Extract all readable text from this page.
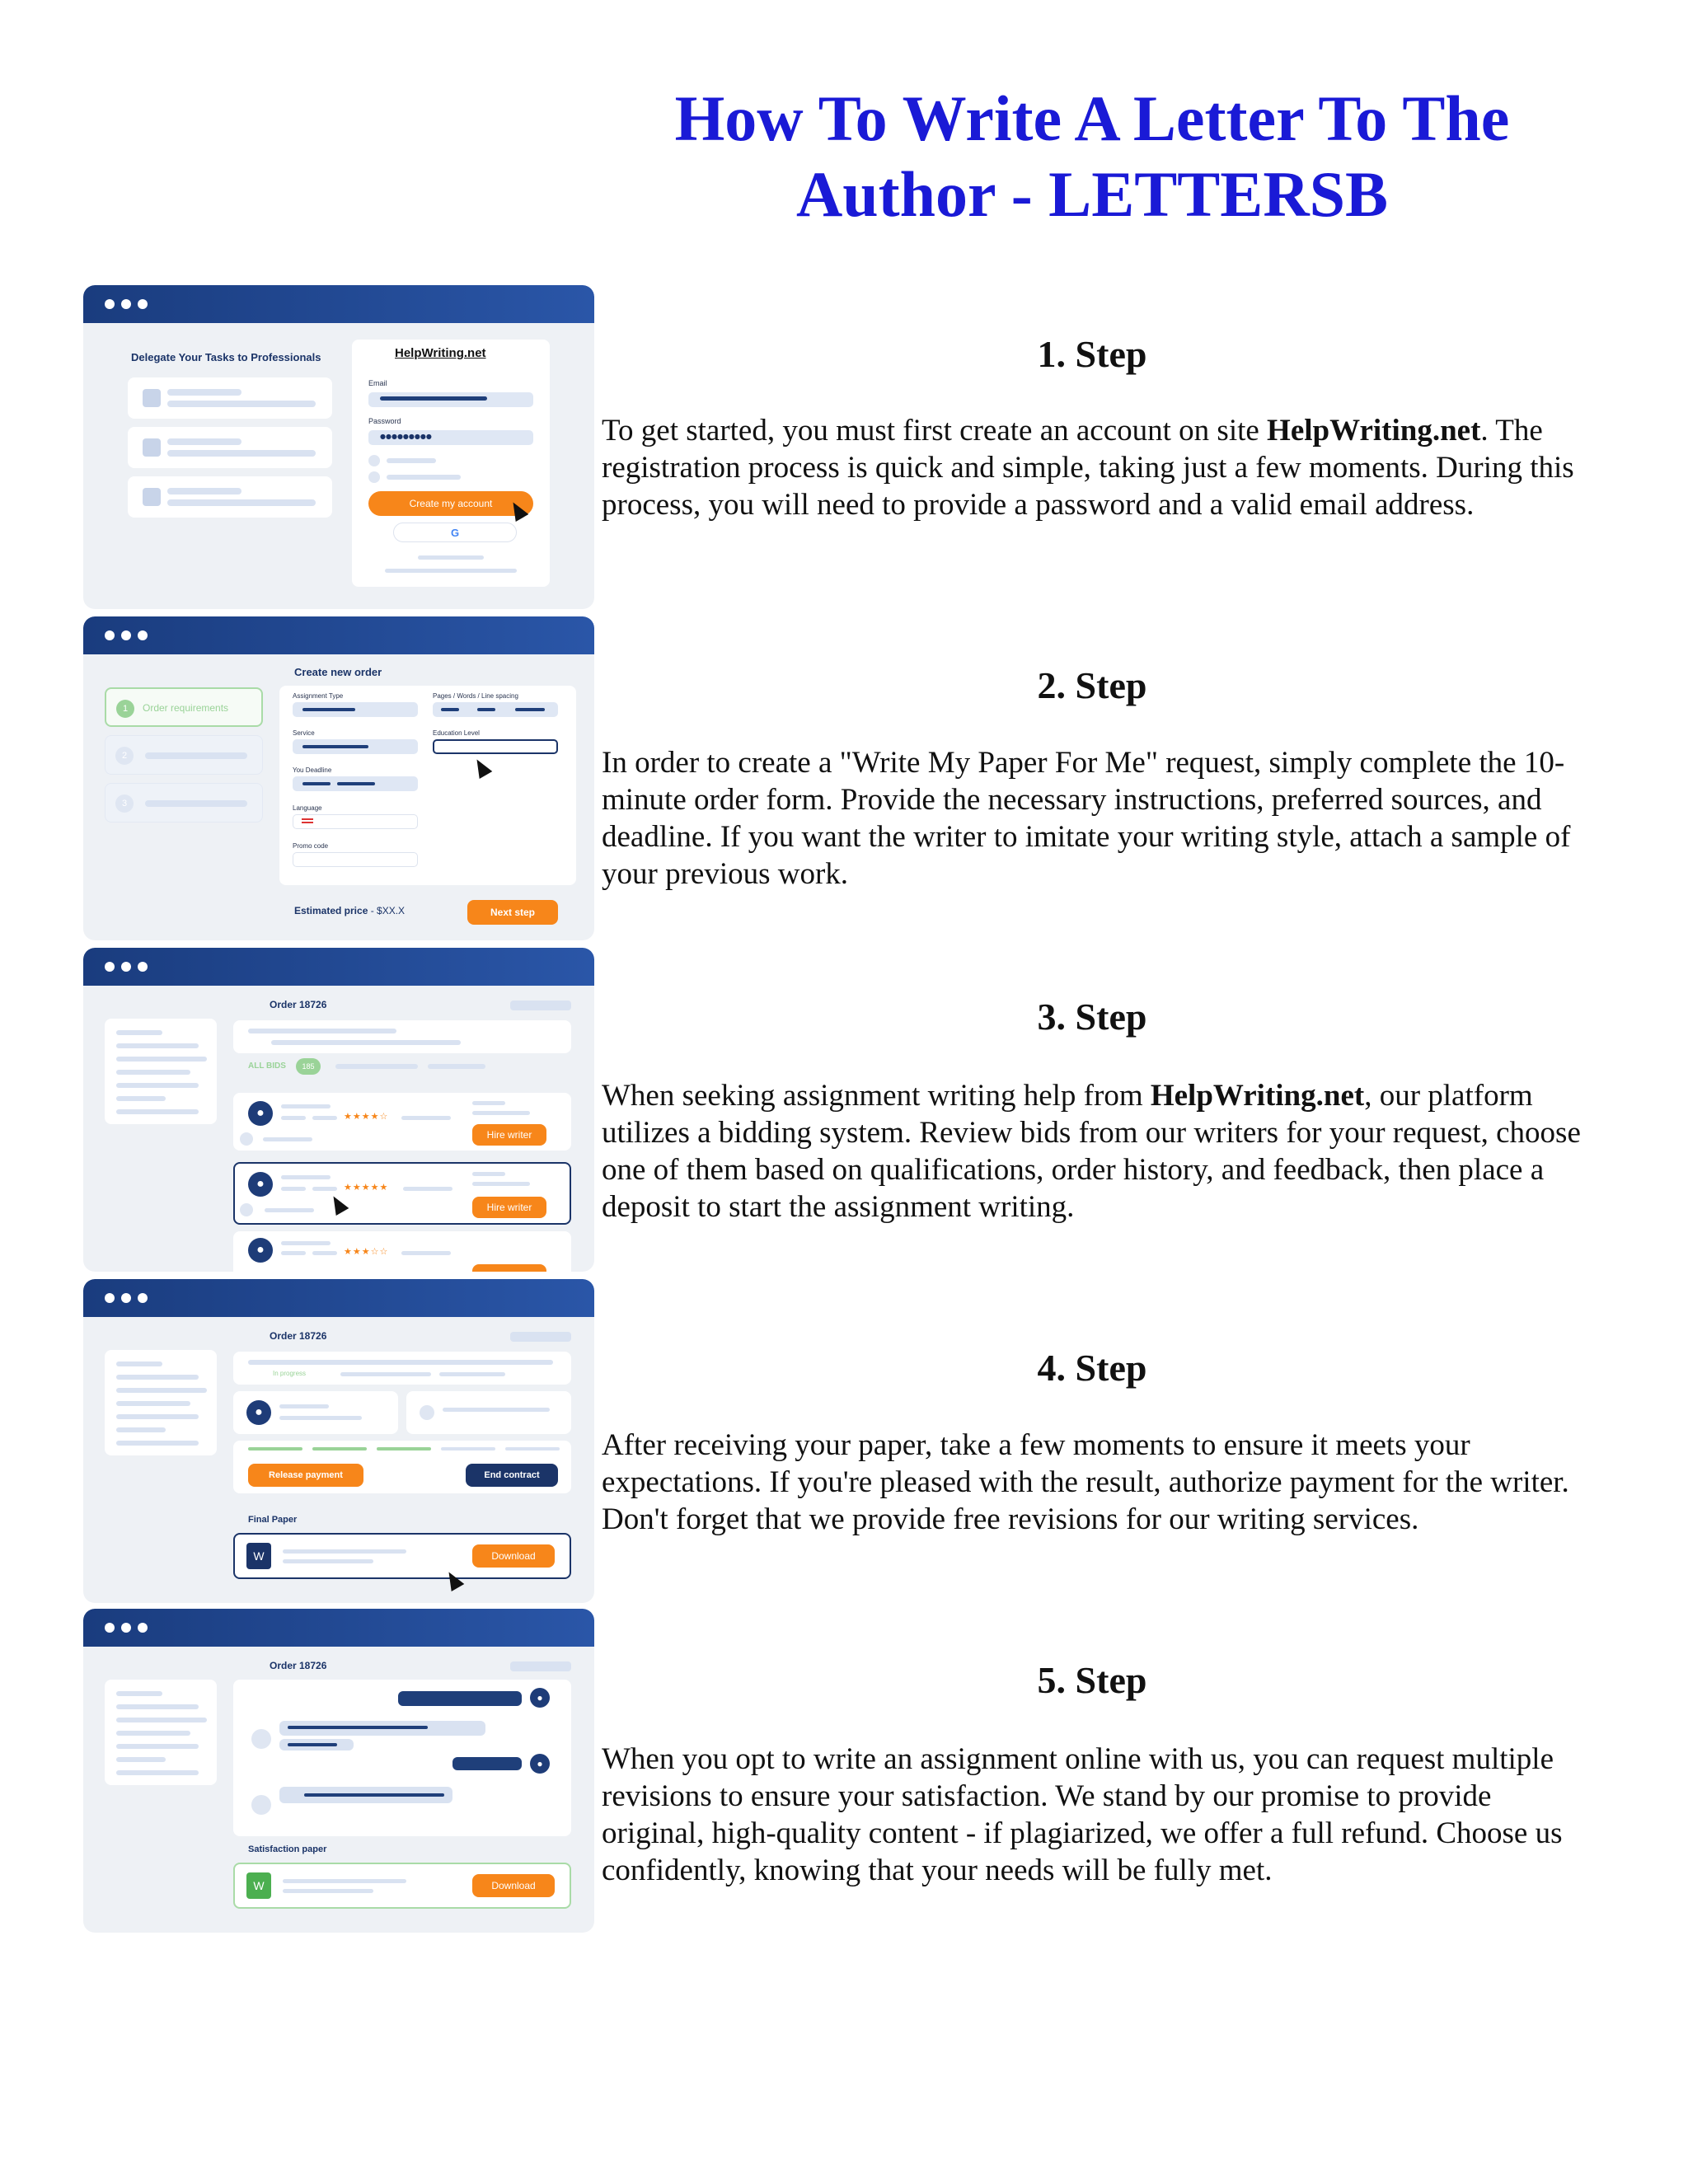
How To Write A Letter To The
Author - LETTERSB
Delegate Your Tasks to Professionals	HelpWriting.net
Email
Password
●●●●●●●●●
Create my account
G
1	Order requirements
2
3
Create new order
Assignment Type	Pages / Words / Line spacing
Service	Education Level
You Deadline
Language
Promo code
Estimated price - $XX.X	Next step
Order 18726
ALL BIDS	185
●	★★★★☆
Hire writer
●	★★★★★
Hire writer
●	★★★☆☆
Order 18726
In progress
●
Release payment	End contract
Final Paper
W	Download
Order 18726
●
●
Satisfaction paper
W	Download
1. Step

To get started, you must first create an account on site HelpWriting.net. The registration process is quick and simple, taking just a few moments. During this process, you will need to provide a password and a valid email address.

2. Step

In order to create a "Write My Paper For Me" request, simply complete the 10-minute order form. Provide the necessary instructions, preferred sources, and deadline. If you want the writer to imitate your writing style, attach a sample of your previous work.

3. Step

When seeking assignment writing help from HelpWriting.net, our platform utilizes a bidding system. Review bids from our writers for your request, choose one of them based on qualifications, order history, and feedback, then place a deposit to start the assignment writing.

4. Step

After receiving your paper, take a few moments to ensure it meets your expectations. If you're pleased with the result, authorize payment for the writer. Don't forget that we provide free revisions for our writing services.

5. Step

When you opt to write an assignment online with us, you can request multiple revisions to ensure your satisfaction. We stand by our promise to provide original, high-quality content - if plagiarized, we offer a full refund. Choose us confidently, knowing that your needs will be fully met.
